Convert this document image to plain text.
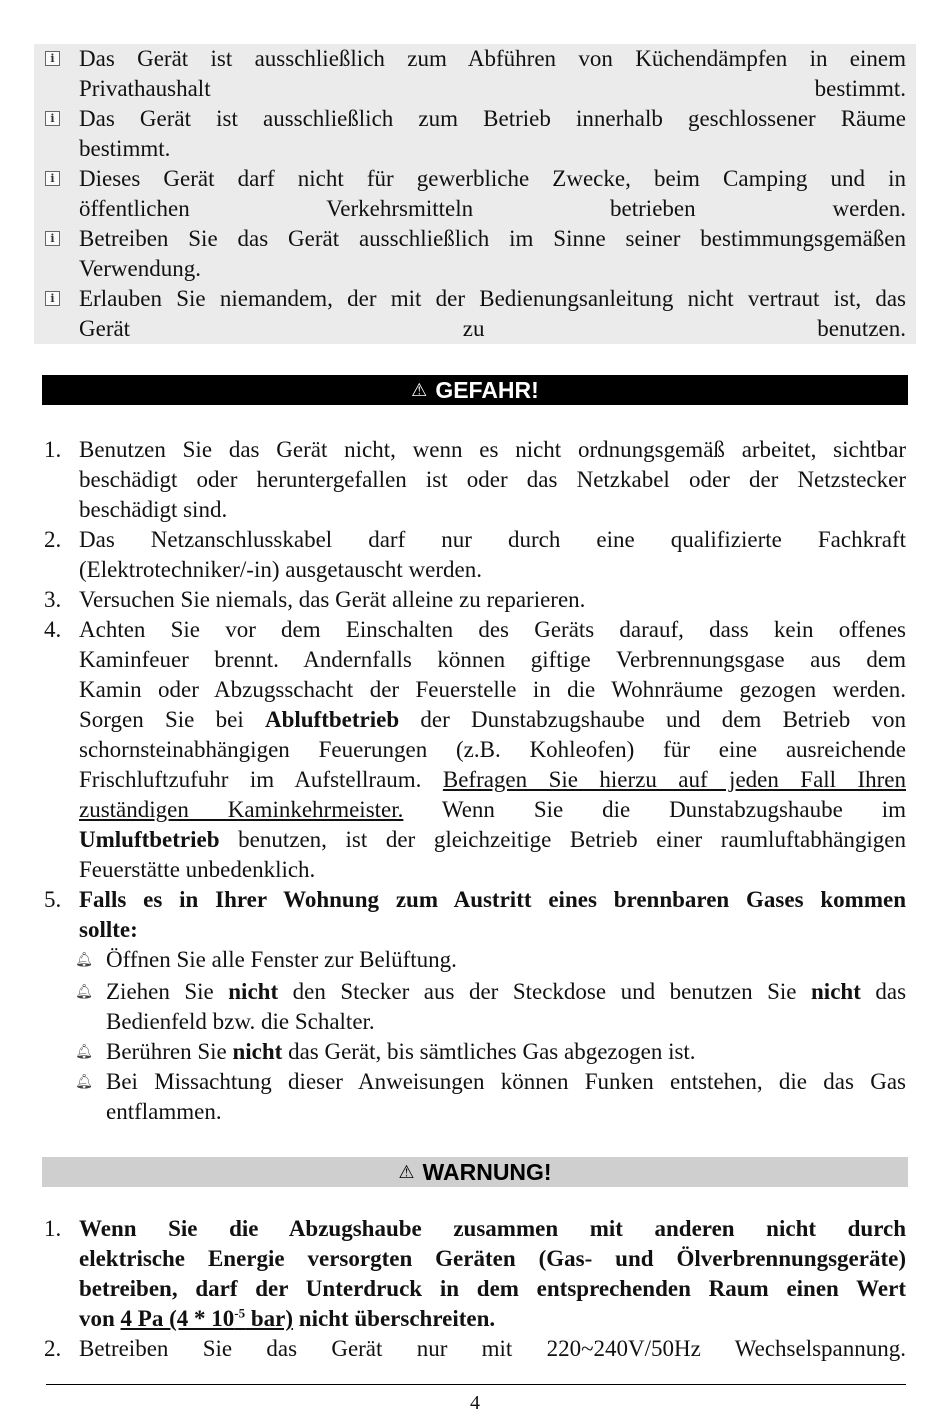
i Das Gerät ist ausschließlich zum Abführen von Küchendämpfen in einem
Privathaushalt bestimmt.
i Das Gerät ist ausschließlich zum Betrieb innerhalb geschlossener Räume
bestimmt.
i Dieses Gerät darf nicht für gewerbliche Zwecke, beim Camping und in
öffentlichen Verkehrsmitteln betrieben werden.
i Betreiben Sie das Gerät ausschließlich im Sinne seiner bestimmungsgemäßen
Verwendung.
i Erlauben Sie niemandem, der mit der Bedienungsanleitung nicht vertraut ist, das
Gerät zu benutzen.
⚠ GEFAHR!
1. Benutzen Sie das Gerät nicht, wenn es nicht ordnungsgemäß arbeitet, sichtbar
beschädigt oder heruntergefallen ist oder das Netzkabel oder der Netzstecker
beschädigt sind.
2. Das Netzanschlusskabel darf nur durch eine qualifizierte Fachkraft
(Elektrotechniker/-in) ausgetauscht werden.
3. Versuchen Sie niemals, das Gerät alleine zu reparieren.
4. Achten Sie vor dem Einschalten des Geräts darauf, dass kein offenes
Kaminfeuer brennt. Andernfalls können giftige Verbrennungsgase aus dem
Kamin oder Abzugsschacht der Feuerstelle in die Wohnräume gezogen werden.
Sorgen Sie bei Abluftbetrieb der Dunstabzugshaube und dem Betrieb von
schornsteinabhängigen Feuerungen (z.B. Kohleofen) für eine ausreichende
Frischluftzufuhr im Aufstellraum. Befragen Sie hierzu auf jeden Fall Ihren
zuständigen Kaminkehrmeister. Wenn Sie die Dunstabzugshaube im
Umluftbetrieb benutzen, ist der gleichzeitige Betrieb einer raumluftabhängigen
Feuerstätte unbedenklich.
5. Falls es in Ihrer Wohnung zum Austritt eines brennbaren Gases kommen
sollte:
🔔︎ Öffnen Sie alle Fenster zur Belüftung.
🔔︎ Ziehen Sie nicht den Stecker aus der Steckdose und benutzen Sie nicht das
Bedienfeld bzw. die Schalter.
🔔︎ Berühren Sie nicht das Gerät, bis sämtliches Gas abgezogen ist.
🔔︎ Bei Missachtung dieser Anweisungen können Funken entstehen, die das Gas
entflammen.
⚠ WARNUNG!
1. Wenn Sie die Abzugshaube zusammen mit anderen nicht durch
elektrische Energie versorgten Geräten (Gas- und Ölverbrennungsgeräte)
betreiben, darf der Unterdruck in dem entsprechenden Raum einen Wert
von 4 Pa ($4 * 10^{-5}$ bar) nicht überschreiten.
2. Betreiben Sie das Gerät nur mit 220~240V/50Hz Wechselspannung.
4
